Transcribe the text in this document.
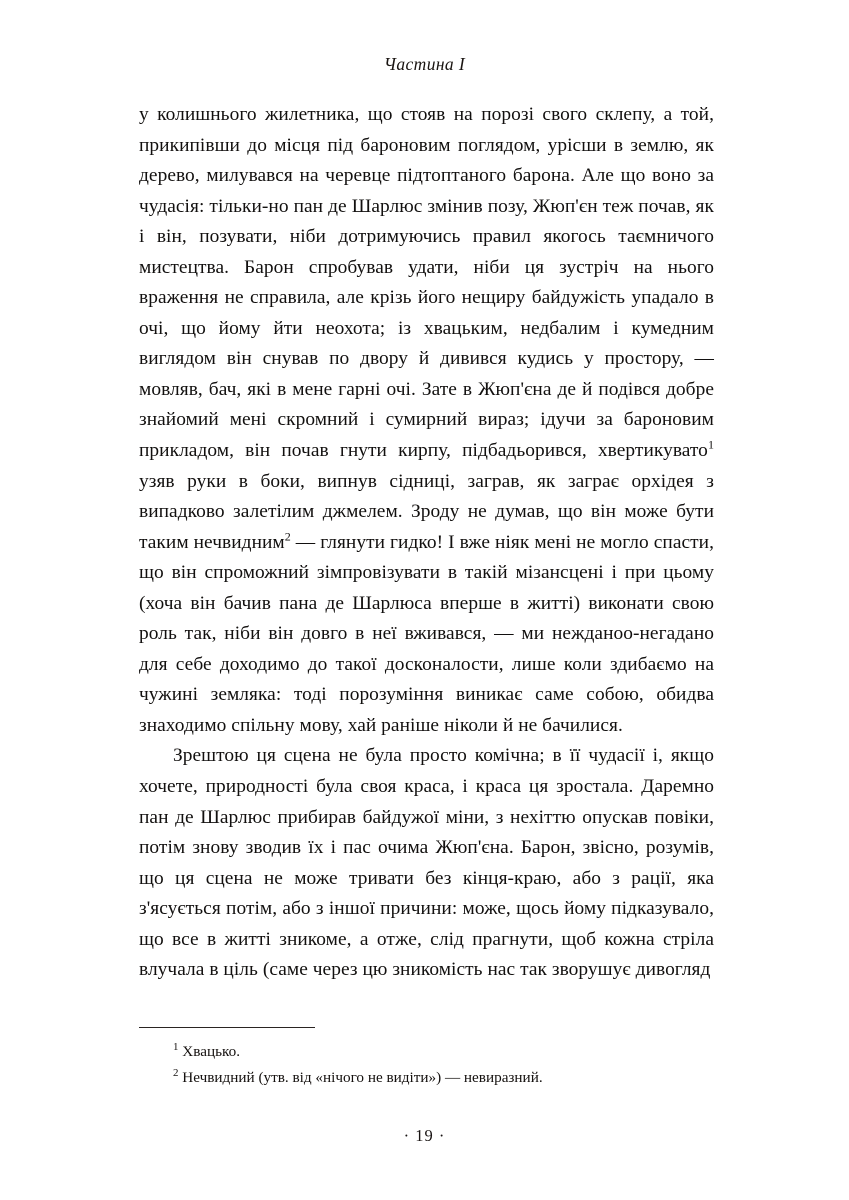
Частина I

у колишнього жилетника, що стояв на порозі свого склепу, а той, прикипівши до місця під бароновим поглядом, урісши в землю, як дерево, милувався на черевце підтоптаного барона. Але що воно за чудасія: тільки-но пан де Шарлюс змінив позу, Жюп'єн теж почав, як і він, позувати, ніби дотримуючись правил якогось таємничого мистецтва. Барон спробував удати, ніби ця зустріч на нього враження не справила, але крізь його нещиру байдужість упадало в очі, що йому йти неохота; із хвацьким, недбалим і кумедним виглядом він снував по двору й дивився кудись у простору, — мовляв, бач, які в мене гарні очі. Зате в Жюп'єна де й подівся добре знайомий мені скромний і сумирний вираз; ідучи за бароновим прикладом, він почав гнути кирпу, підбадьорився, хвертикувато$^1$ узяв руки в боки, випнув сідниці, заграв, як заграє орхідея з випадково залетілим джмелем. Зроду не думав, що він може бути таким нечвидним$^2$ — глянути гидко! І вже ніяк мені не могло спасти, що він спроможний зімпровізувати в такій мізансцені і при цьому (хоча він бачив пана де Шарлюса вперше в житті) виконати свою роль так, ніби він довго в неї вживався, — ми нежданоо-негадано для себе доходимо до такої досконалости, лише коли здибаємо на чужині земляка: тоді порозуміння виникає саме собою, обидва знаходимо спільну мову, хай раніше ніколи й не бачилися.

Зрештою ця сцена не була просто комічна; в її чудасії і, якщо хочете, природності була своя краса, і краса ця зростала. Даремно пан де Шарлюс прибирав байдужої міни, з нехіттю опускав повіки, потім знову зводив їх і пас очима Жюп'єна. Барон, звісно, розумів, що ця сцена не може тривати без кінця-краю, або з рації, яка з'ясується потім, або з іншої причини: може, щось йому підказувало, що все в житті зникоме, а отже, слід прагнути, щоб кожна стріла влучала в ціль (саме через цю зникомість нас так зворушує дивогляд

$^1$ Хвацько.

$^2$ Нечвидний (утв. від «нічого не видіти») — невиразний.

· 19 ·
